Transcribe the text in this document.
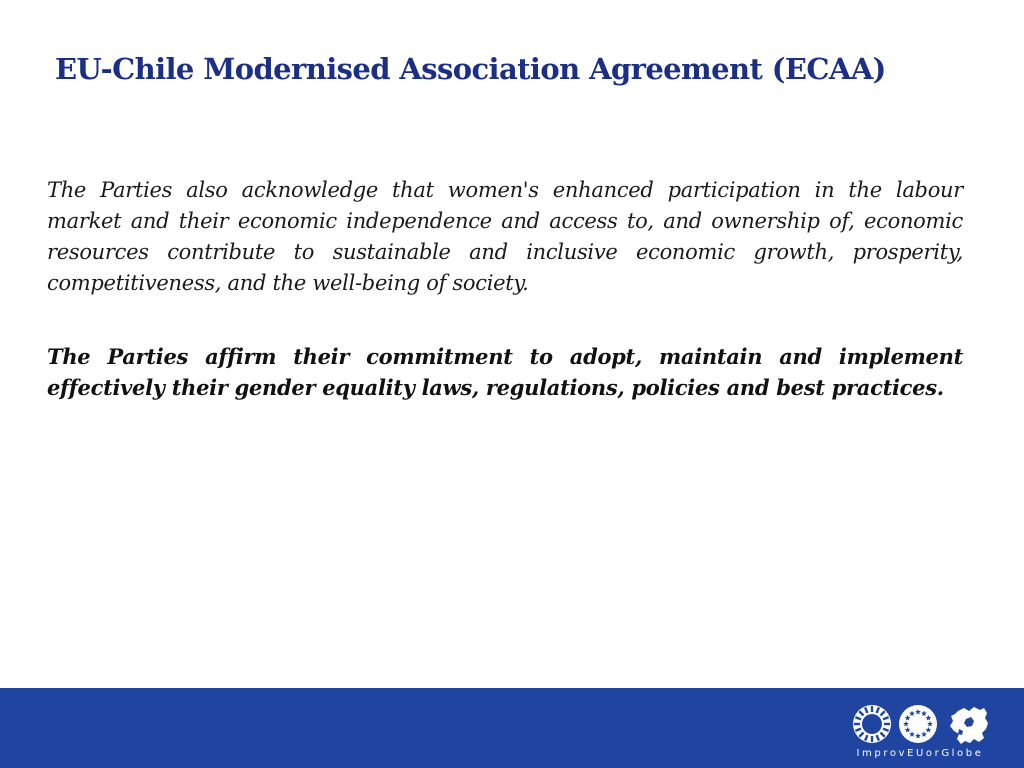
EU-Chile Modernised Association Agreement (ECAA)

The Parties also acknowledge that women's enhanced participation in the labour market and their economic independence and access to, and ownership of, economic resources contribute to sustainable and inclusive economic growth, prosperity, competitiveness, and the well-being of society.

The Parties affirm their commitment to adopt, maintain and implement effectively their gender equality laws, regulations, policies and best practices.

ImprovEUorGlobe
